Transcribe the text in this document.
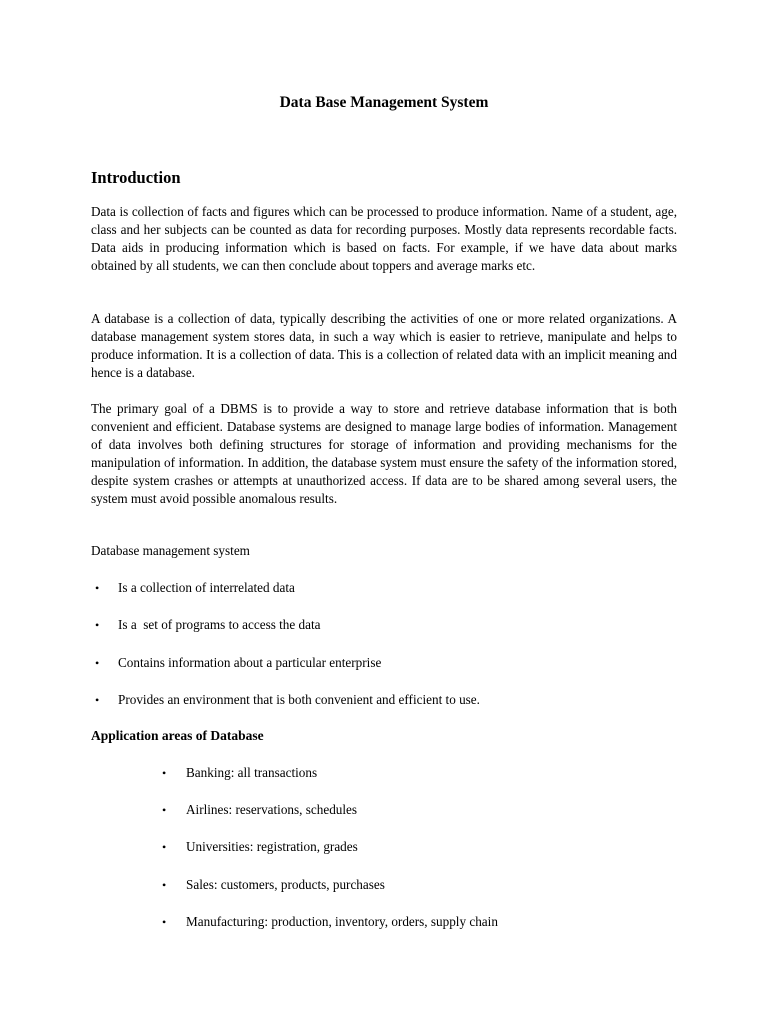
Data Base Management System
Introduction
Data is collection of facts and figures which can be processed to produce information. Name of a student, age, class and her subjects can be counted as data for recording purposes. Mostly data represents recordable facts. Data aids in producing information which is based on facts. For example, if we have data about marks obtained by all students, we can then conclude about toppers and average marks etc.
A database is a collection of data, typically describing the activities of one or more related organizations. A database management system stores data, in such a way which is easier to retrieve, manipulate and helps to produce information. It is a collection of data. This is a collection of related data with an implicit meaning and hence is a database.
The primary goal of a DBMS is to provide a way to store and retrieve database information that is both convenient and efficient. Database systems are designed to manage large bodies of information. Management of data involves both defining structures for storage of information and providing mechanisms for the manipulation of information. In addition, the database system must ensure the safety of the information stored, despite system crashes or attempts at unauthorized access. If data are to be shared among several users, the system must avoid possible anomalous results.
Database management system
• Is a collection of interrelated data
• Is a  set of programs to access the data
• Contains information about a particular enterprise
• Provides an environment that is both convenient and efficient to use.
Application areas of Database
• Banking: all transactions
• Airlines: reservations, schedules
• Universities: registration, grades
• Sales: customers, products, purchases
• Manufacturing: production, inventory, orders, supply chain
